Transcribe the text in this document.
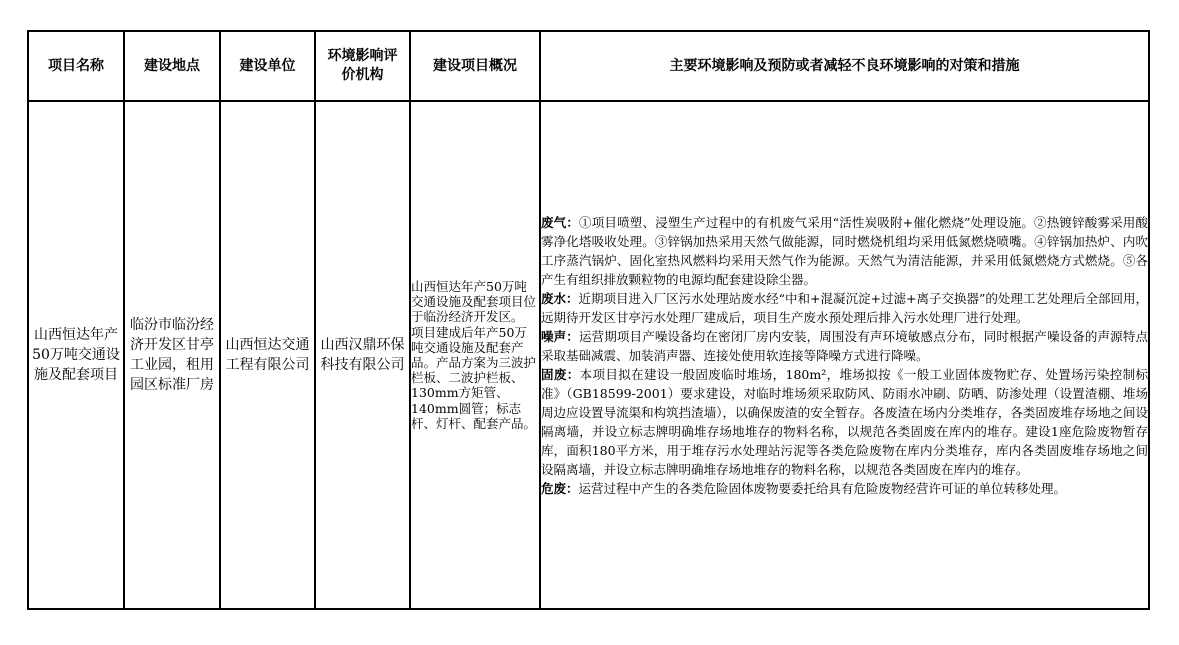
项目名称	建设地点	建设单位	环境影响评价机构	建设项目概况	主要环境影响及预防或者减轻不良环境影响的对策和措施
山西恒达年产50万吨交通设施及配套项目	临汾市临汾经济开发区甘亭工业园，租用园区标准厂房	山西恒达交通工程有限公司	山西汉鼎环保科技有限公司	山西恒达年产50万吨交通设施及配套项目位于临汾经济开发区。
项目建成后年产50万吨交通设施及配套产品。产品方案为三波护栏板、二波护栏板、130mm方矩管、140mm圆管；标志杆、灯杆、配套产品。	废气：①项目喷塑、浸塑生产过程中的有机废气采用“活性炭吸附+催化燃烧”处理设施。②热镀锌酸雾采用酸雾净化塔吸收处理。③锌锅加热采用天然气做能源，同时燃烧机组均采用低氮燃烧喷嘴。④锌锅加热炉、内吹工序蒸汽锅炉、固化室热风燃料均采用天然气作为能源。天然气为清洁能源，并采用低氮燃烧方式燃烧。⑤各产生有组织排放颗粒物的电源均配套建设除尘器。
废水：近期项目进入厂区污水处理站废水经“中和+混凝沉淀+过滤+离子交换器”的处理工艺处理后全部回用，远期待开发区甘亭污水处理厂建成后，项目生产废水预处理后排入污水处理厂进行处理。
噪声：运营期项目产噪设备均在密闭厂房内安装，周围没有声环境敏感点分布，同时根据产噪设备的声源特点采取基础减震、加装消声器、连接处使用软连接等降噪方式进行降噪。
固废：本项目拟在建设一般固废临时堆场，180m²，堆场拟按《一般工业固体废物贮存、处置场污染控制标准》（GB18599-2001）要求建设，对临时堆场须采取防风、防雨水冲刷、防晒、防渗处理（设置渣棚、堆场周边应设置导流渠和构筑挡渣墙），以确保废渣的安全暂存。各废渣在场内分类堆存，各类固废堆存场地之间设隔离墙，并设立标志牌明确堆存场地堆存的物料名称，以规范各类固废在库内的堆存。建设1座危险废物暂存库，面积180平方米，用于堆存污水处理站污泥等各类危险废物在库内分类堆存，库内各类固废堆存场地之间设隔离墙，并设立标志牌明确堆存场地堆存的物料名称，以规范各类固废在库内的堆存。
危废：运营过程中产生的各类危险固体废物要委托给具有危险废物经营许可证的单位转移处理。
